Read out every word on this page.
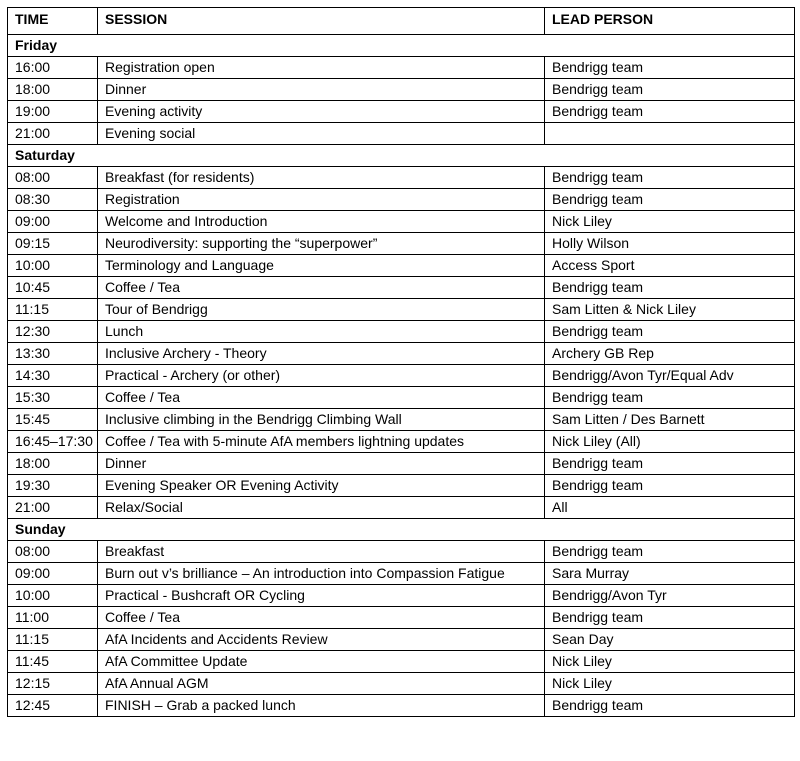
TIME	SESSION	LEAD PERSON
Friday		
16:00	Registration open	Bendrigg team
18:00	Dinner	Bendrigg team
19:00	Evening activity	Bendrigg team
21:00	Evening social	
Saturday		
08:00	Breakfast (for residents)	Bendrigg team
08:30	Registration	Bendrigg team
09:00	Welcome and Introduction	Nick Liley
09:15	Neurodiversity: supporting the “superpower”	Holly Wilson
10:00	Terminology and Language	Access Sport
10:45	Coffee / Tea	Bendrigg team
11:15	Tour of Bendrigg	Sam Litten & Nick Liley
12:30	Lunch	Bendrigg team
13:30	Inclusive Archery - Theory	Archery GB Rep
14:30	Practical - Archery (or other)	Bendrigg/Avon Tyr/Equal Adv
15:30	Coffee / Tea	Bendrigg team
15:45	Inclusive climbing in the Bendrigg Climbing Wall	Sam Litten / Des Barnett
16:45–17:30	Coffee / Tea with 5-minute AfA members lightning updates	Nick Liley (All)
18:00	Dinner	Bendrigg team
19:30	Evening Speaker OR Evening Activity	Bendrigg team
21:00	Relax/Social	All
Sunday		
08:00	Breakfast	Bendrigg team
09:00	Burn out v’s brilliance – An introduction into Compassion Fatigue	Sara Murray
10:00	Practical - Bushcraft OR Cycling	Bendrigg/Avon Tyr
11:00	Coffee / Tea	Bendrigg team
11:15	AfA Incidents and Accidents Review	Sean Day
11:45	AfA Committee Update	Nick Liley
12:15	AfA Annual AGM	Nick Liley
12:45	FINISH – Grab a packed lunch	Bendrigg team
